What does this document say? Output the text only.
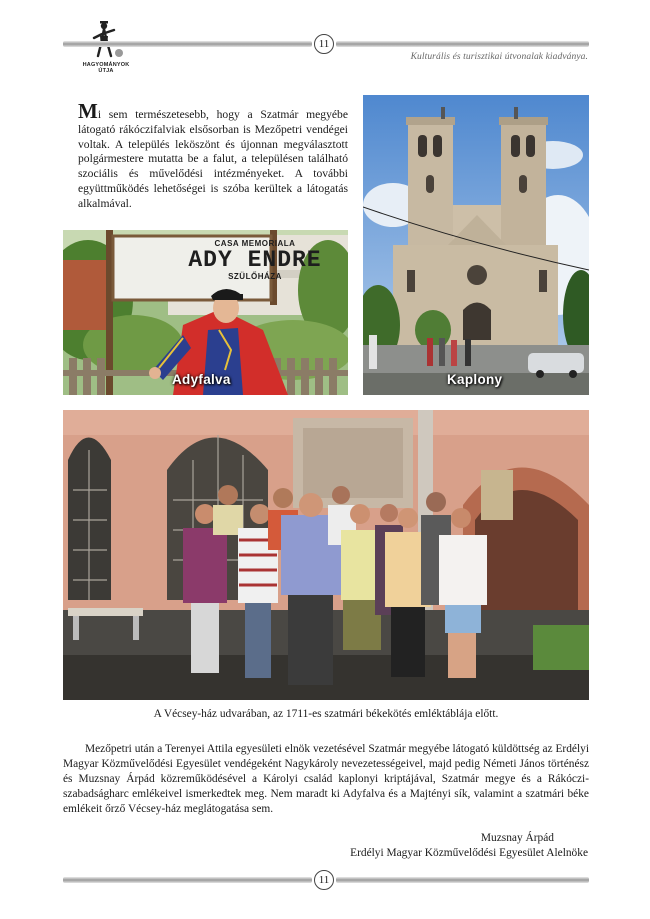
HAGYOMÁNYOK ÚTJA
11
Kulturális és turisztikai útvonalak kiadványa.

Mi sem természetesebb, hogy a Szatmár megyébe látogató rákóczifalviak elsősorban is Mezőpetri vendégei voltak. A település leköszönt és újonnan megválasztott polgármestere mutatta be a falut, a településen található szociális és művelődési intézményeket. A további együttműködés lehetőségei is szóba kerültek a látogatás alkalmával.

Kaplony
CASA MEMORIALA
ADY ENDRE
SZÜLŐHÁZA
Adyfalva
A Vécsey-ház udvarában, az 1711-es szatmári békekötés emléktáblája előtt.

Mezőpetri után a Terenyei Attila egyesületi elnök vezetésével Szatmár megyébe látogató küldöttség az Erdélyi Magyar Közművelődési Egyesület vendégeként Nagykároly nevezetességeivel, majd pedig Németi János történész és Muzsnay Árpád közreműködésével a Károlyi család kaplonyi kriptájával, Szatmár megye és a Rákóczi-szabadságharc emlékeivel ismerkedtek meg. Nem maradt ki Adyfalva és a Majtényi sík, valamint a szatmári béke emlékeit őrző Vécsey-ház meglátogatása sem.

Muzsnay Árpád
Erdélyi Magyar Közművelődési Egyesület Alelnöke
11
